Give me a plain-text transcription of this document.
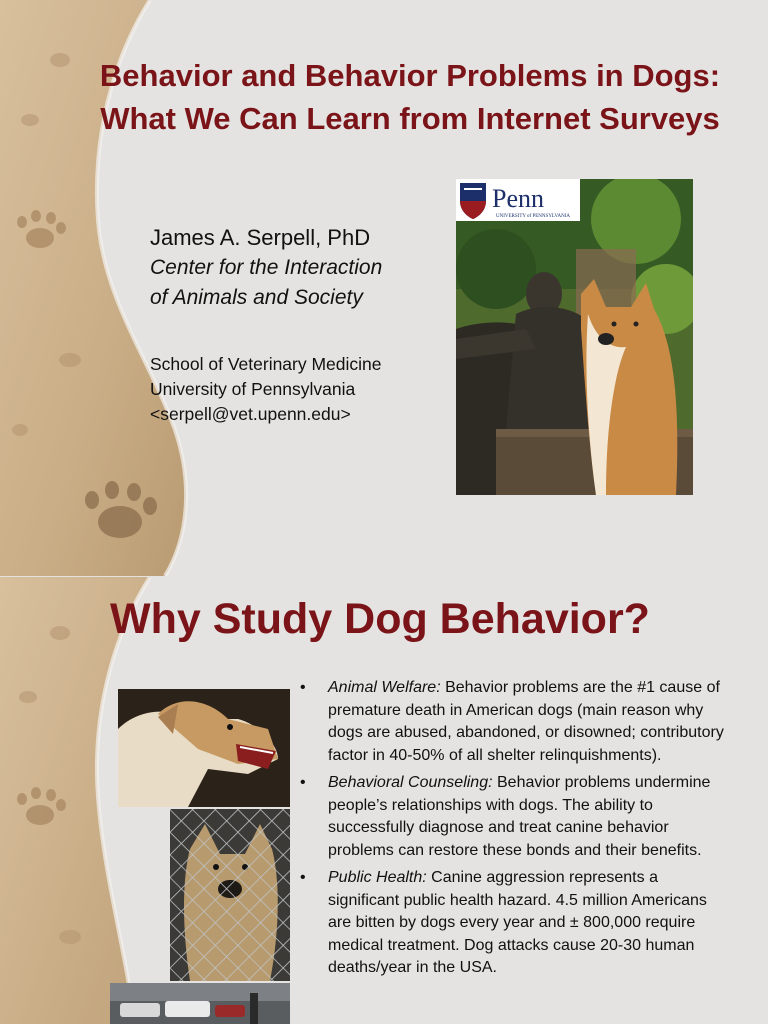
Behavior and Behavior Problems in Dogs:
What We Can Learn from Internet Surveys
James A. Serpell, PhD
Center for the Interaction
of Animals and Society
School of Veterinary Medicine
University of Pennsylvania
<serpell@vet.upenn.edu>
Penn
UNIVERSITY of PENNSYLVANIA
Why Study Dog Behavior?
• Animal Welfare: Behavior problems are the #1 cause of premature death in American dogs (main reason why dogs are abused, abandoned, or disowned; contributory factor in 40-50% of all shelter relinquishments).
• Behavioral Counseling: Behavior problems undermine people’s relationships with dogs. The ability to successfully diagnose and treat canine behavior problems can restore these bonds and their benefits.
• Public Health: Canine aggression represents a significant public health hazard. 4.5 million Americans are bitten by dogs every year and ± 800,000 require medical treatment. Dog attacks cause 20-30 human deaths/year in the USA.
